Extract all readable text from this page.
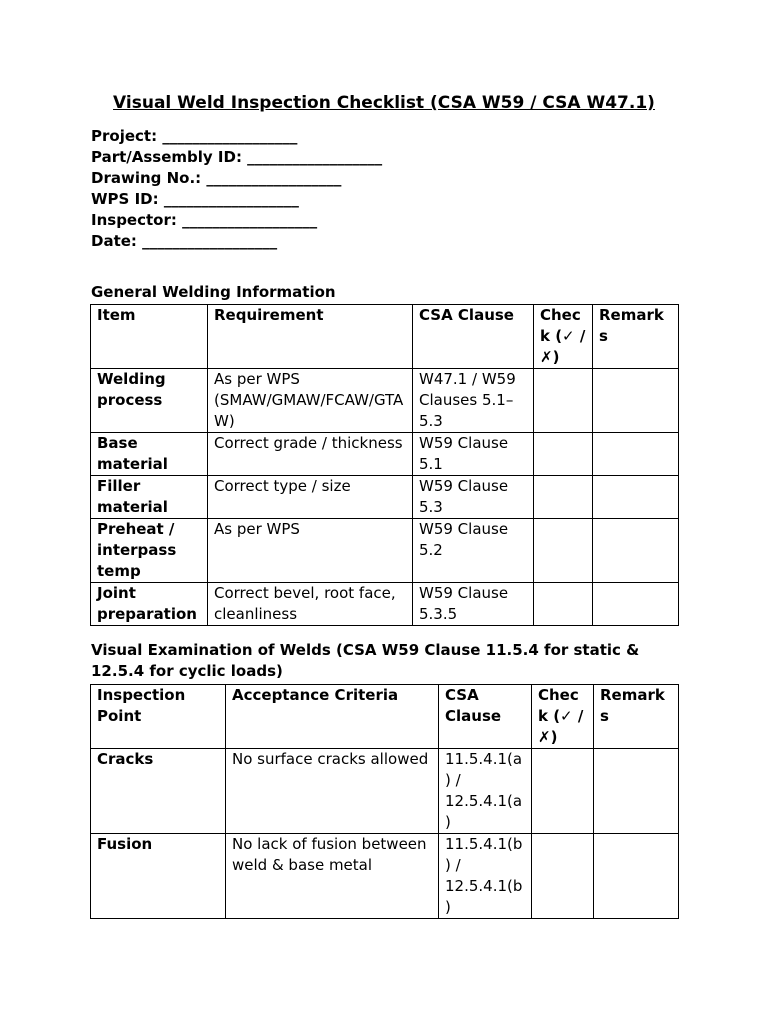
Visual Weld Inspection Checklist (CSA W59 / CSA W47.1)
Project: __________________
Part/Assembly ID: __________________
Drawing No.: __________________
WPS ID: __________________
Inspector: __________________
Date: __________________
General Welding Information
Item	Requirement	CSA Clause	Check (✓ / ✗)	Remarks
Welding process	As per WPS (SMAW/GMAW/FCAW/GTAW)	W47.1 / W59 Clauses 5.1–5.3		
Base material	Correct grade / thickness	W59 Clause 5.1		
Filler material	Correct type / size	W59 Clause 5.3		
Preheat / interpass temp	As per WPS	W59 Clause 5.2		
Joint preparation	Correct bevel, root face, cleanliness	W59 Clause 5.3.5		
Visual Examination of Welds (CSA W59 Clause 11.5.4 for static & 12.5.4 for cyclic loads)
Inspection Point	Acceptance Criteria	CSA Clause	Check (✓ / ✗)	Remarks
Cracks	No surface cracks allowed	11.5.4.1(a) / 12.5.4.1(a)		
Fusion	No lack of fusion between weld & base metal	11.5.4.1(b) / 12.5.4.1(b)		
